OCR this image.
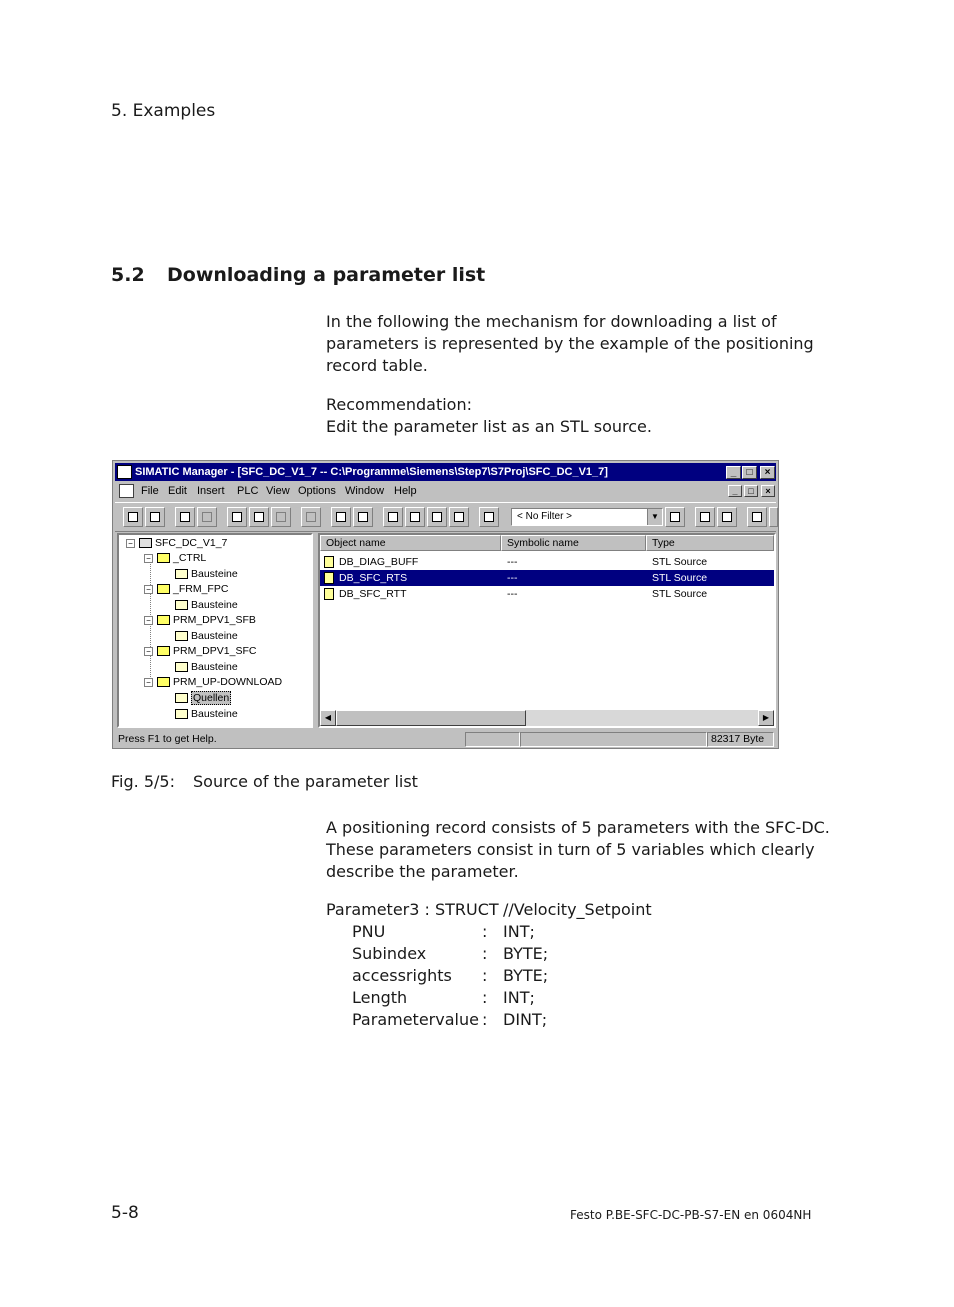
5. Examples
5.2 Downloading a parameter list
In the following the mechanism for downloading a list of parameters is represented by the example of the positioning record table.
Recommendation:
Edit the parameter list as an STL source.
SIMATIC Manager - [SFC_DC_V1_7 -- C:\Programme\Siemens\Step7\S7Proj\SFC_DC_V1_7]	_	□	×
File Edit Insert PLC View Options Window Help	_	□	×
< No Filter >	▼
−	SFC_DC_V1_7
−	_CTRL
Bausteine
−	_FRM_FPC
Bausteine
−	PRM_DPV1_SFB
Bausteine
−	PRM_DPV1_SFC
Bausteine
−	PRM_UP-DOWNLOAD
Quellen
Bausteine
Object name	Symbolic name	Type
DB_DIAG_BUFF	---	STL Source
DB_SFC_RTS	---	STL Source
DB_SFC_RTT	---	STL Source
◀	▶
Press F1 to get Help.	82317 Byte
Fig. 5/5: Source of the parameter list
A positioning record consists of 5 parameters with the SFC-DC. These parameters consist in turn of 5 variables which clearly describe the parameter.
Parameter3 : STRUCT //Velocity_Setpoint
PNU	: INT;
Subindex	: BYTE;
accessrights : BYTE;
Length	: INT;
Parametervalue : DINT;
5-8	Festo P.BE-SFC-DC-PB-S7-EN en 0604NH
